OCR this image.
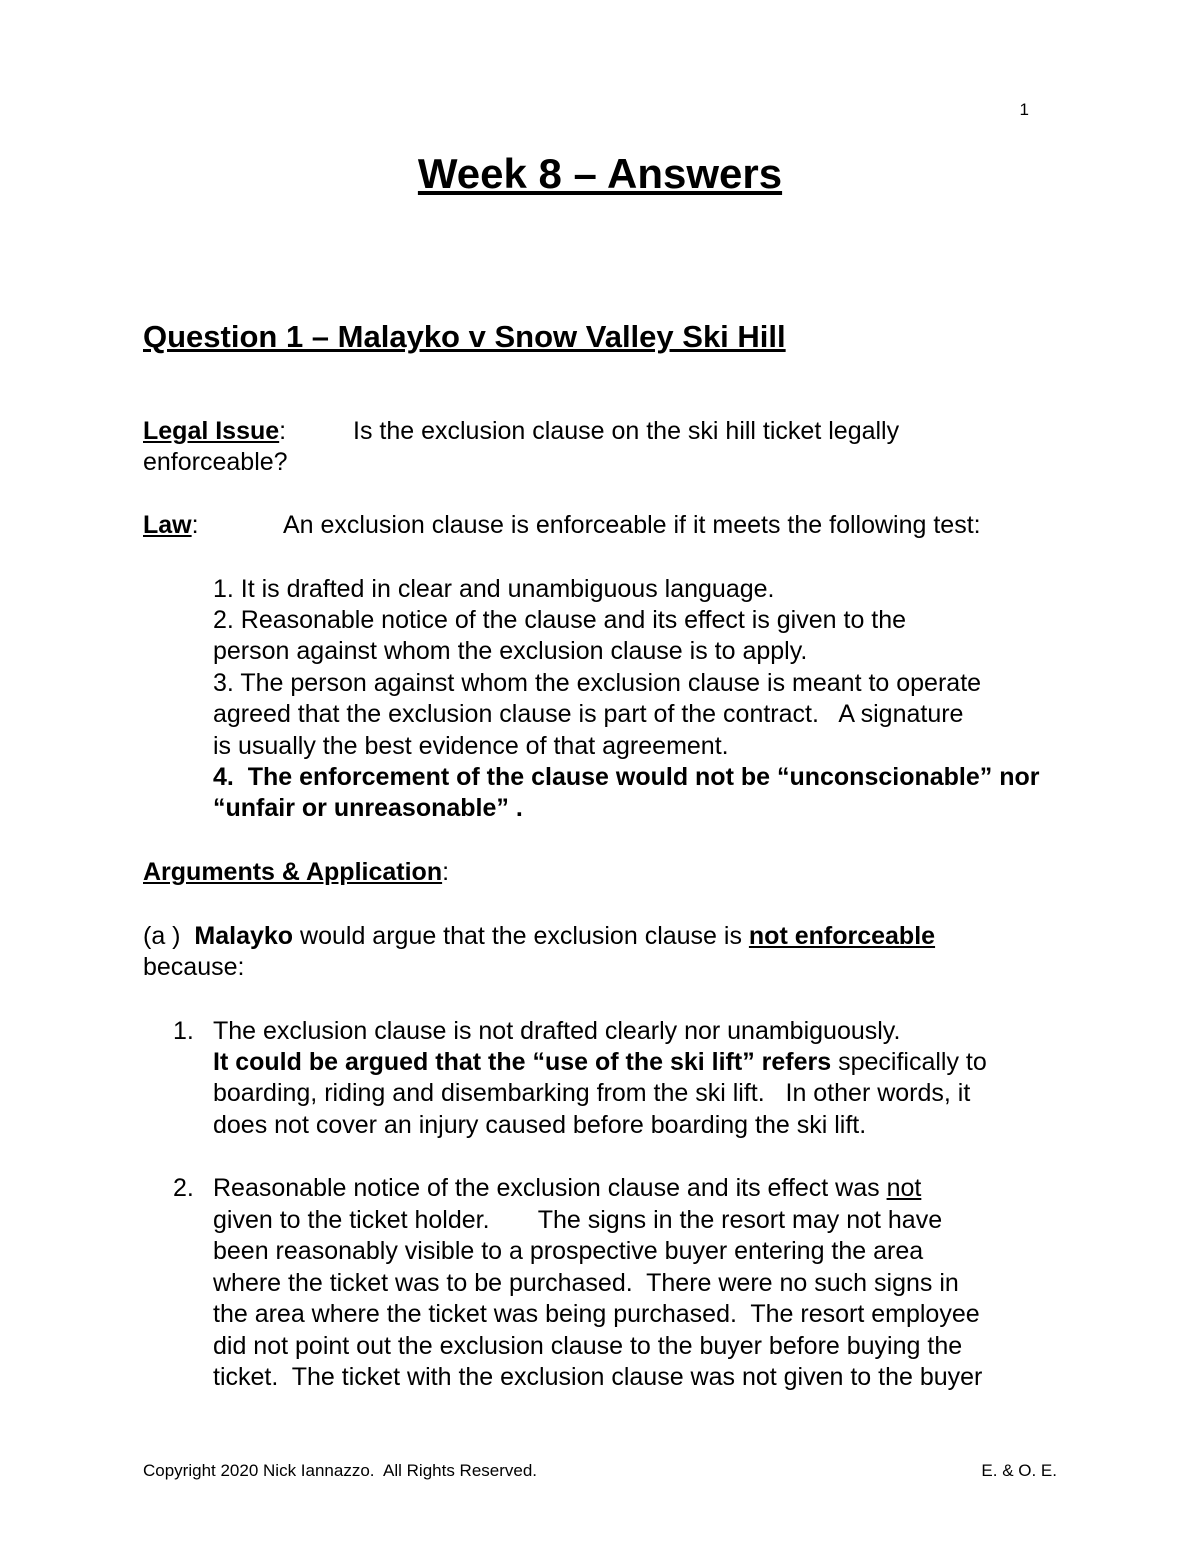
1
Week 8 – Answers
Question 1 – Malayko v Snow Valley Ski Hill
Legal Issue:	Is the exclusion clause on the ski hill ticket legally
enforceable?
Law:	An exclusion clause is enforceable if it meets the following test:
1. It is drafted in clear and unambiguous language.
2. Reasonable notice of the clause and its effect is given to the
person against whom the exclusion clause is to apply.
3. The person against whom the exclusion clause is meant to operate
agreed that the exclusion clause is part of the contract.   A signature
is usually the best evidence of that agreement.
4.  The enforcement of the clause would not be “unconscionable” nor
“unfair or unreasonable” .
Arguments & Application:
(a )  Malayko would argue that the exclusion clause is not enforceable
because:
1. The exclusion clause is not drafted clearly nor unambiguously.
It could be argued that the “use of the ski lift” refers specifically to
boarding, riding and disembarking from the ski lift.   In other words, it
does not cover an injury caused before boarding the ski lift.
2. Reasonable notice of the exclusion clause and its effect was not
given to the ticket holder.       The signs in the resort may not have
been reasonably visible to a prospective buyer entering the area
where the ticket was to be purchased.  There were no such signs in
the area where the ticket was being purchased.  The resort employee
did not point out the exclusion clause to the buyer before buying the
ticket.  The ticket with the exclusion clause was not given to the buyer
Copyright 2020 Nick Iannazzo.  All Rights Reserved.	E. & O. E.
